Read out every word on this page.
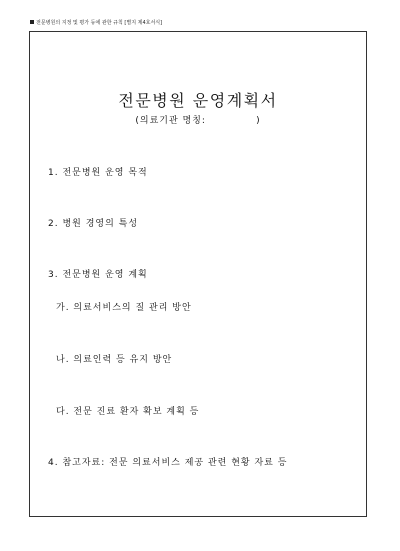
전문병원의 지정 및 평가 등에 관한 규칙 [별지 제4호서식]
전문병원 운영계획서
(의료기관 명칭:             )
1. 전문병원 운영 목적
2. 병원 경영의 특성
3. 전문병원 운영 계획
가. 의료서비스의 질 관리 방안
나. 의료인력 등 유지 방안
다. 전문 진료 환자 확보 계획 등
4. 참고자료: 전문 의료서비스 제공 관련 현황 자료 등
